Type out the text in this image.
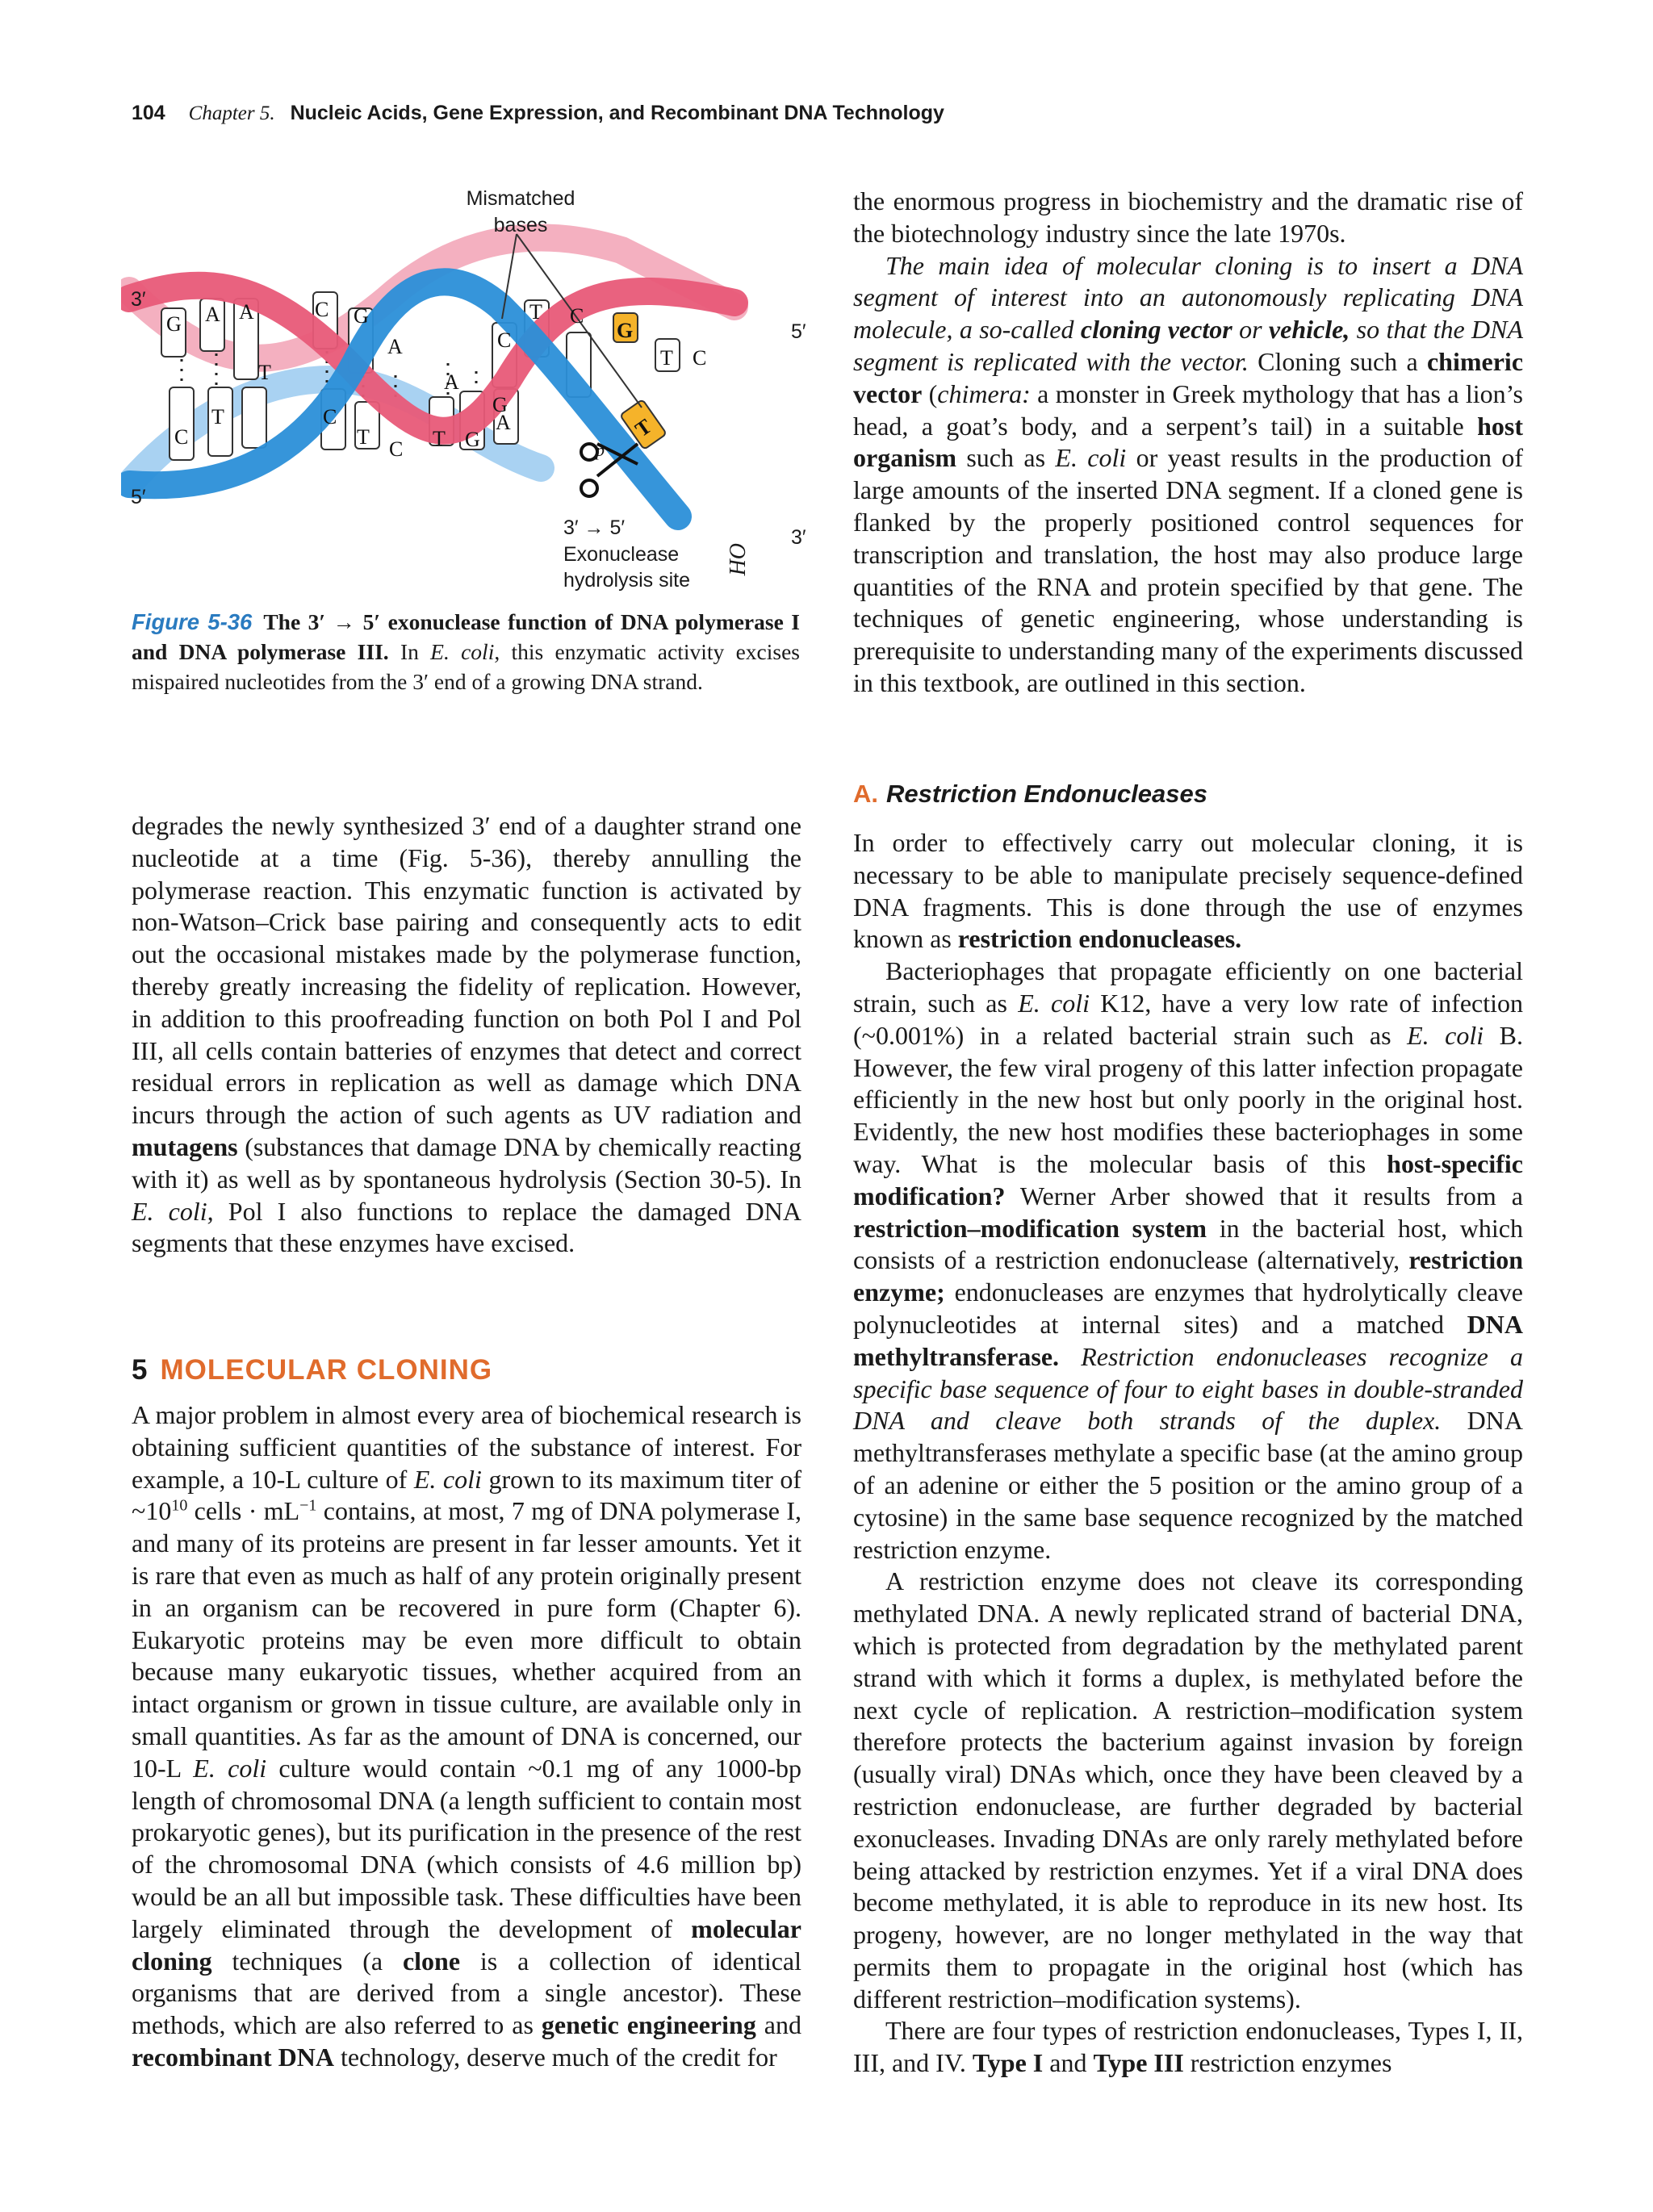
104 Chapter 5. Nucleic Acids, Gene Expression, and Recombinant DNA Technology
G A A	C G
T
A	C
T
G
C
A
G
T C
C
T	C
T
C T G
A	T
p
Mismatched bases
3′
5′
5′
3′
3′ → 5′
Exonuclease
hydrolysis site
HO
Figure 5-36 The 3′ → 5′ exonuclease function of DNA polymerase I and DNA polymerase III. In E. coli, this enzymatic activity excises mispaired nucleotides from the 3′ end of a growing DNA strand.

degrades the newly synthesized 3′ end of a daughter strand one nucleotide at a time (Fig. 5-36), thereby annulling the polymerase reaction. This enzymatic function is activated by non-Watson–Crick base pairing and consequently acts to edit out the occasional mistakes made by the polymerase function, thereby greatly increasing the fidelity of replication. However, in addition to this proofreading function on both Pol I and Pol III, all cells contain batteries of enzymes that detect and correct residual errors in replication as well as damage which DNA incurs through the action of such agents as UV radiation and mutagens (substances that damage DNA by chemically reacting with it) as well as by spontaneous hydrolysis (Section 30-5). In E. coli, Pol I also functions to replace the damaged DNA segments that these enzymes have excised.

5 MOLECULAR CLONING

A major problem in almost every area of biochemical research is obtaining sufficient quantities of the substance of interest. For example, a 10-L culture of E. coli grown to its maximum titer of $\sim 10^{10}$ cells · $mL^{-1}$ contains, at most, 7 mg of DNA polymerase I, and many of its proteins are present in far lesser amounts. Yet it is rare that even as much as half of any protein originally present in an organism can be recovered in pure form (Chapter 6). Eukaryotic proteins may be even more difficult to obtain because many eukaryotic tissues, whether acquired from an intact organism or grown in tissue culture, are available only in small quantities. As far as the amount of DNA is concerned, our 10-L E. coli culture would contain ~0.1 mg of any 1000-bp length of chromosomal DNA (a length sufficient to contain most prokaryotic genes), but its purification in the presence of the rest of the chromosomal DNA (which consists of 4.6 million bp) would be an all but impossible task. These difficulties have been largely eliminated through the development of molecular cloning techniques (a clone is a collection of identical organisms that are derived from a single ancestor). These methods, which are also referred to as genetic engineering and recombinant DNA technology, deserve much of the credit for

the enormous progress in biochemistry and the dramatic rise of the biotechnology industry since the late 1970s.

The main idea of molecular cloning is to insert a DNA segment of interest into an autonomously replicating DNA molecule, a so-called cloning vector or vehicle, so that the DNA segment is replicated with the vector. Cloning such a chimeric vector (chimera: a monster in Greek mythology that has a lion’s head, a goat’s body, and a serpent’s tail) in a suitable host organism such as E. coli or yeast results in the production of large amounts of the inserted DNA segment. If a cloned gene is flanked by the properly positioned control sequences for transcription and translation, the host may also produce large quantities of the RNA and protein specified by that gene. The techniques of genetic engineering, whose understanding is prerequisite to understanding many of the experiments discussed in this textbook, are outlined in this section.

A. Restriction Endonucleases

In order to effectively carry out molecular cloning, it is necessary to be able to manipulate precisely sequence-defined DNA fragments. This is done through the use of enzymes known as restriction endonucleases.

Bacteriophages that propagate efficiently on one bacterial strain, such as E. coli K12, have a very low rate of infection (~0.001%) in a related bacterial strain such as E. coli B. However, the few viral progeny of this latter infection propagate efficiently in the new host but only poorly in the original host. Evidently, the new host modifies these bacteriophages in some way. What is the molecular basis of this host-specific modification? Werner Arber showed that it results from a restriction–modification system in the bacterial host, which consists of a restriction endonuclease (alternatively, restriction enzyme; endonucleases are enzymes that hydrolytically cleave polynucleotides at internal sites) and a matched DNA methyltransferase. Restriction endonucleases recognize a specific base sequence of four to eight bases in double-stranded DNA and cleave both strands of the duplex. DNA methyltransferases methylate a specific base (at the amino group of an adenine or either the 5 position or the amino group of a cytosine) in the same base sequence recognized by the matched restriction enzyme.

A restriction enzyme does not cleave its corresponding methylated DNA. A newly replicated strand of bacterial DNA, which is protected from degradation by the methylated parent strand with which it forms a duplex, is methylated before the next cycle of replication. A restriction–modification system therefore protects the bacterium against invasion by foreign (usually viral) DNAs which, once they have been cleaved by a restriction endonuclease, are further degraded by bacterial exonucleases. Invading DNAs are only rarely methylated before being attacked by restriction enzymes. Yet if a viral DNA does become methylated, it is able to reproduce in its new host. Its progeny, however, are no longer methylated in the way that permits them to propagate in the original host (which has different restriction–modification systems).

There are four types of restriction endonucleases, Types I, II, III, and IV. Type I and Type III restriction enzymes
